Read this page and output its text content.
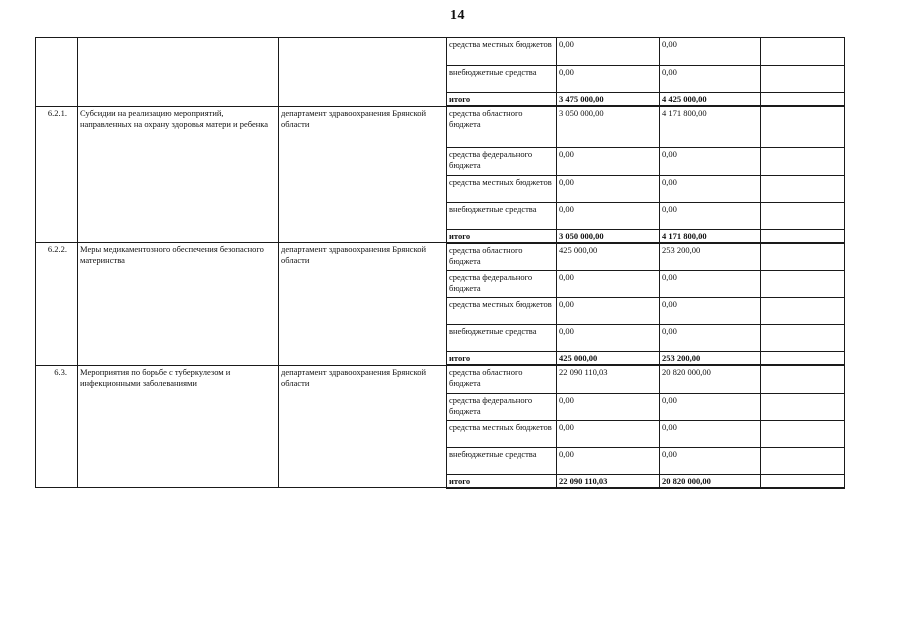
14
			средства местных бюджетов	0,00	0,00	
			внебюджетные средства	0,00	0,00	
			итого	3 475 000,00	4 425 000,00	
6.2.1.	Субсидии на реализацию мероприятий, направленных на охрану здоровья матери и ребенка	департамент здравоохранения Брянской области	средства областного бюджета	3 050 000,00	4 171 800,00	
			средства федерального бюджета	0,00	0,00	
			средства местных бюджетов	0,00	0,00	
			внебюджетные средства	0,00	0,00	
			итого	3 050 000,00	4 171 800,00	
6.2.2.	Меры медикаментозного обеспечения безопасного материнства	департамент здравоохранения Брянской области	средства областного бюджета	425 000,00	253 200,00	
			средства федерального бюджета	0,00	0,00	
			средства местных бюджетов	0,00	0,00	
			внебюджетные средства	0,00	0,00	
			итого	425 000,00	253 200,00	
6.3.	Мероприятия по борьбе с туберкулезом и инфекционными заболеваниями	департамент здравоохранения Брянской области	средства областного бюджета	22 090 110,03	20 820 000,00	
			средства федерального бюджета	0,00	0,00	
			средства местных бюджетов	0,00	0,00	
			внебюджетные средства	0,00	0,00	
			итого	22 090 110,03	20 820 000,00	
